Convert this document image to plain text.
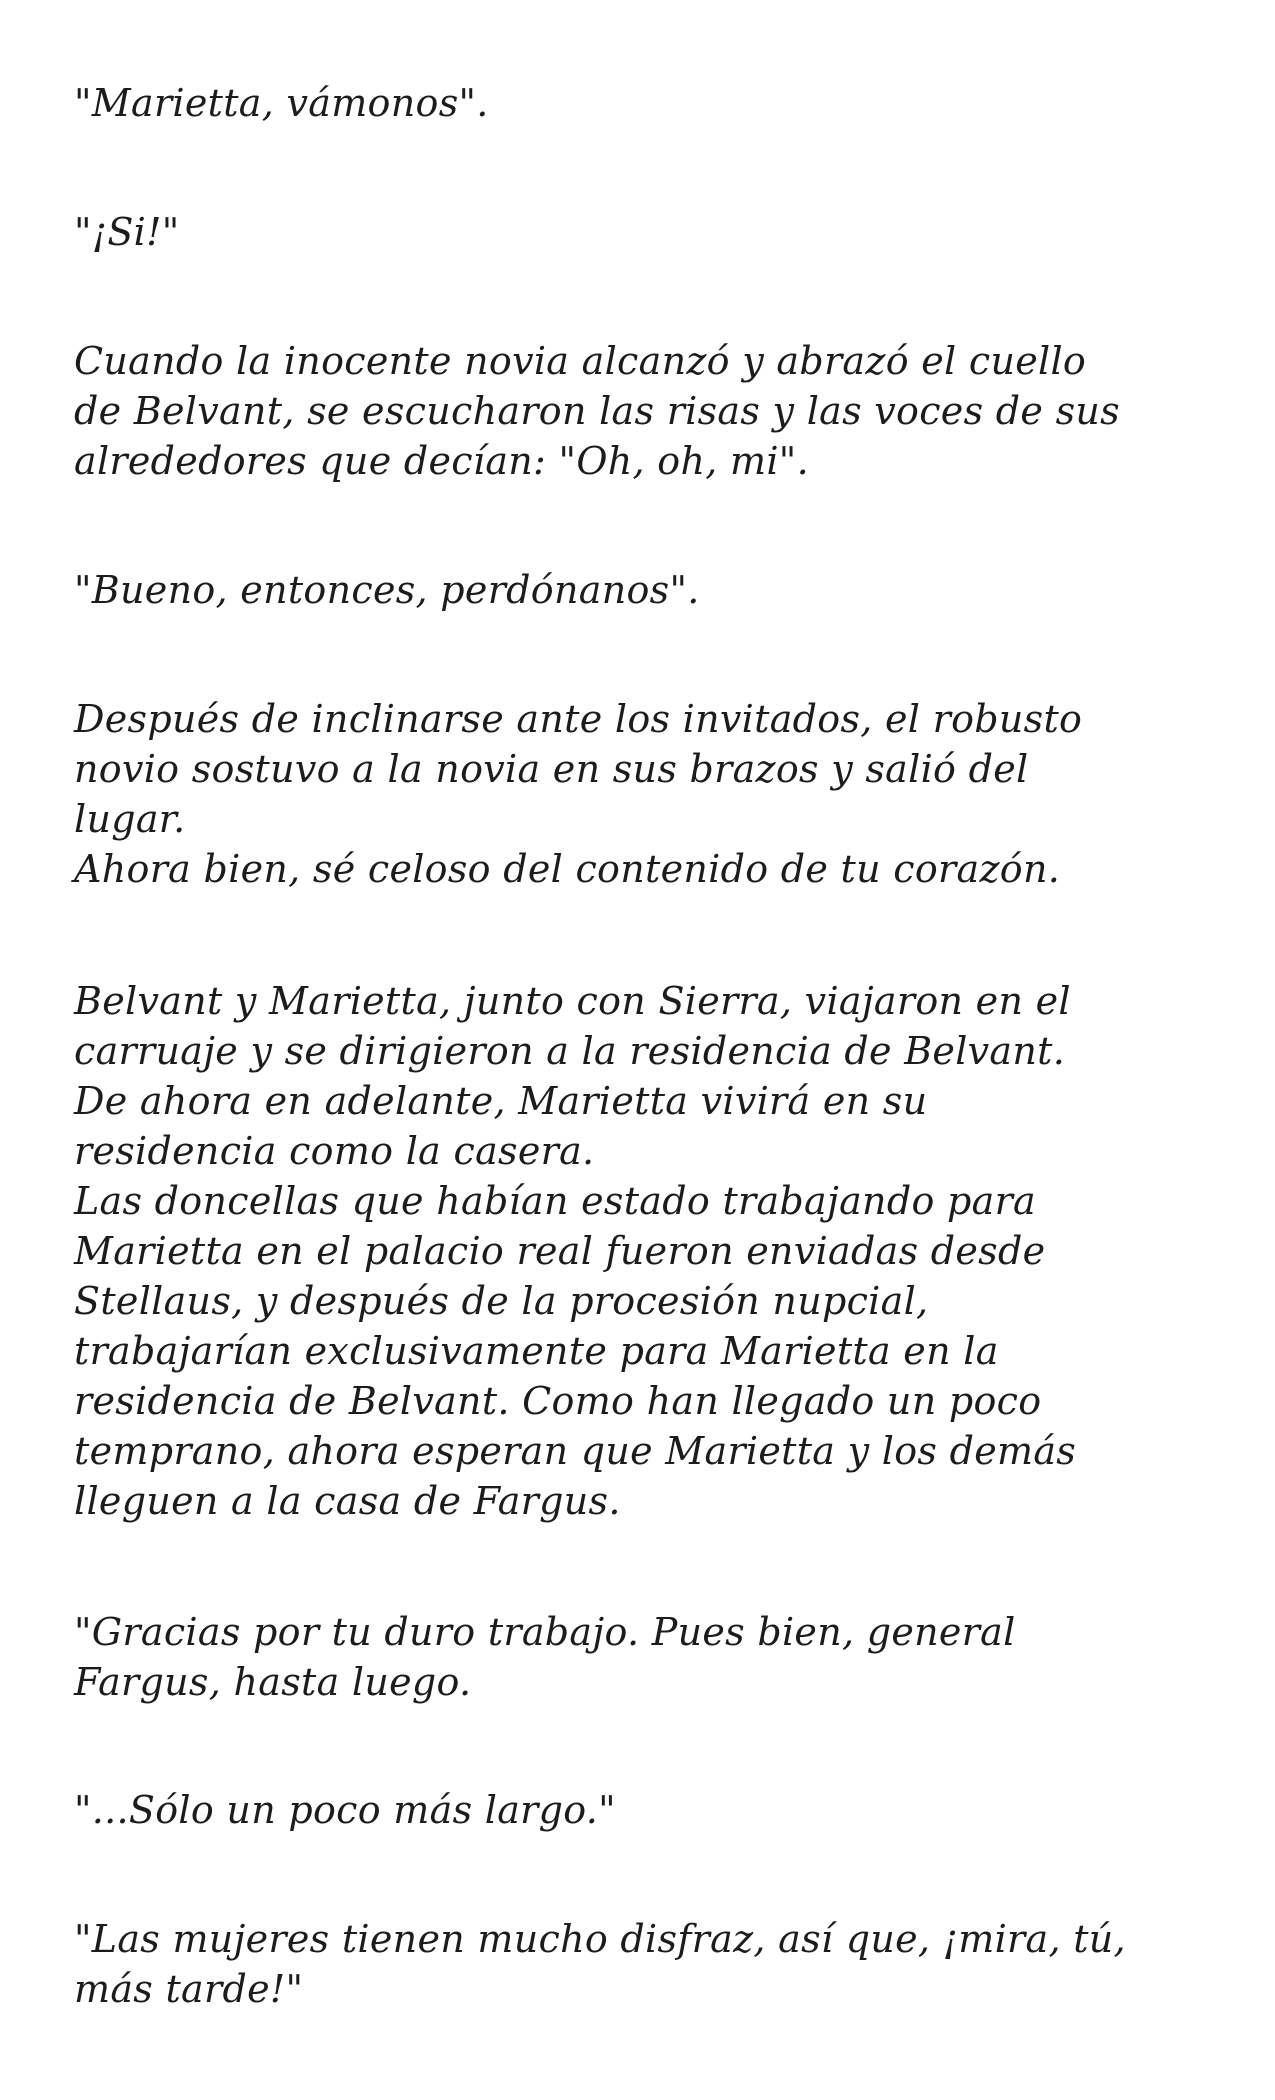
"Marietta, vámonos".

"¡Si!"

Cuando la inocente novia alcanzó y abrazó el cuello
de Belvant, se escucharon las risas y las voces de sus
alrededores que decían: "Oh, oh, mi".

"Bueno, entonces, perdónanos".

Después de inclinarse ante los invitados, el robusto
novio sostuvo a la novia en sus brazos y salió del
lugar.
Ahora bien, sé celoso del contenido de tu corazón.

Belvant y Marietta, junto con Sierra, viajaron en el
carruaje y se dirigieron a la residencia de Belvant.
De ahora en adelante, Marietta vivirá en su
residencia como la casera.
Las doncellas que habían estado trabajando para
Marietta en el palacio real fueron enviadas desde
Stellaus, y después de la procesión nupcial,
trabajarían exclusivamente para Marietta en la
residencia de Belvant. Como han llegado un poco
temprano, ahora esperan que Marietta y los demás
lleguen a la casa de Fargus.

"Gracias por tu duro trabajo. Pues bien, general
Fargus, hasta luego.

"...Sólo un poco más largo."

"Las mujeres tienen mucho disfraz, así que, ¡mira, tú,
más tarde!"
